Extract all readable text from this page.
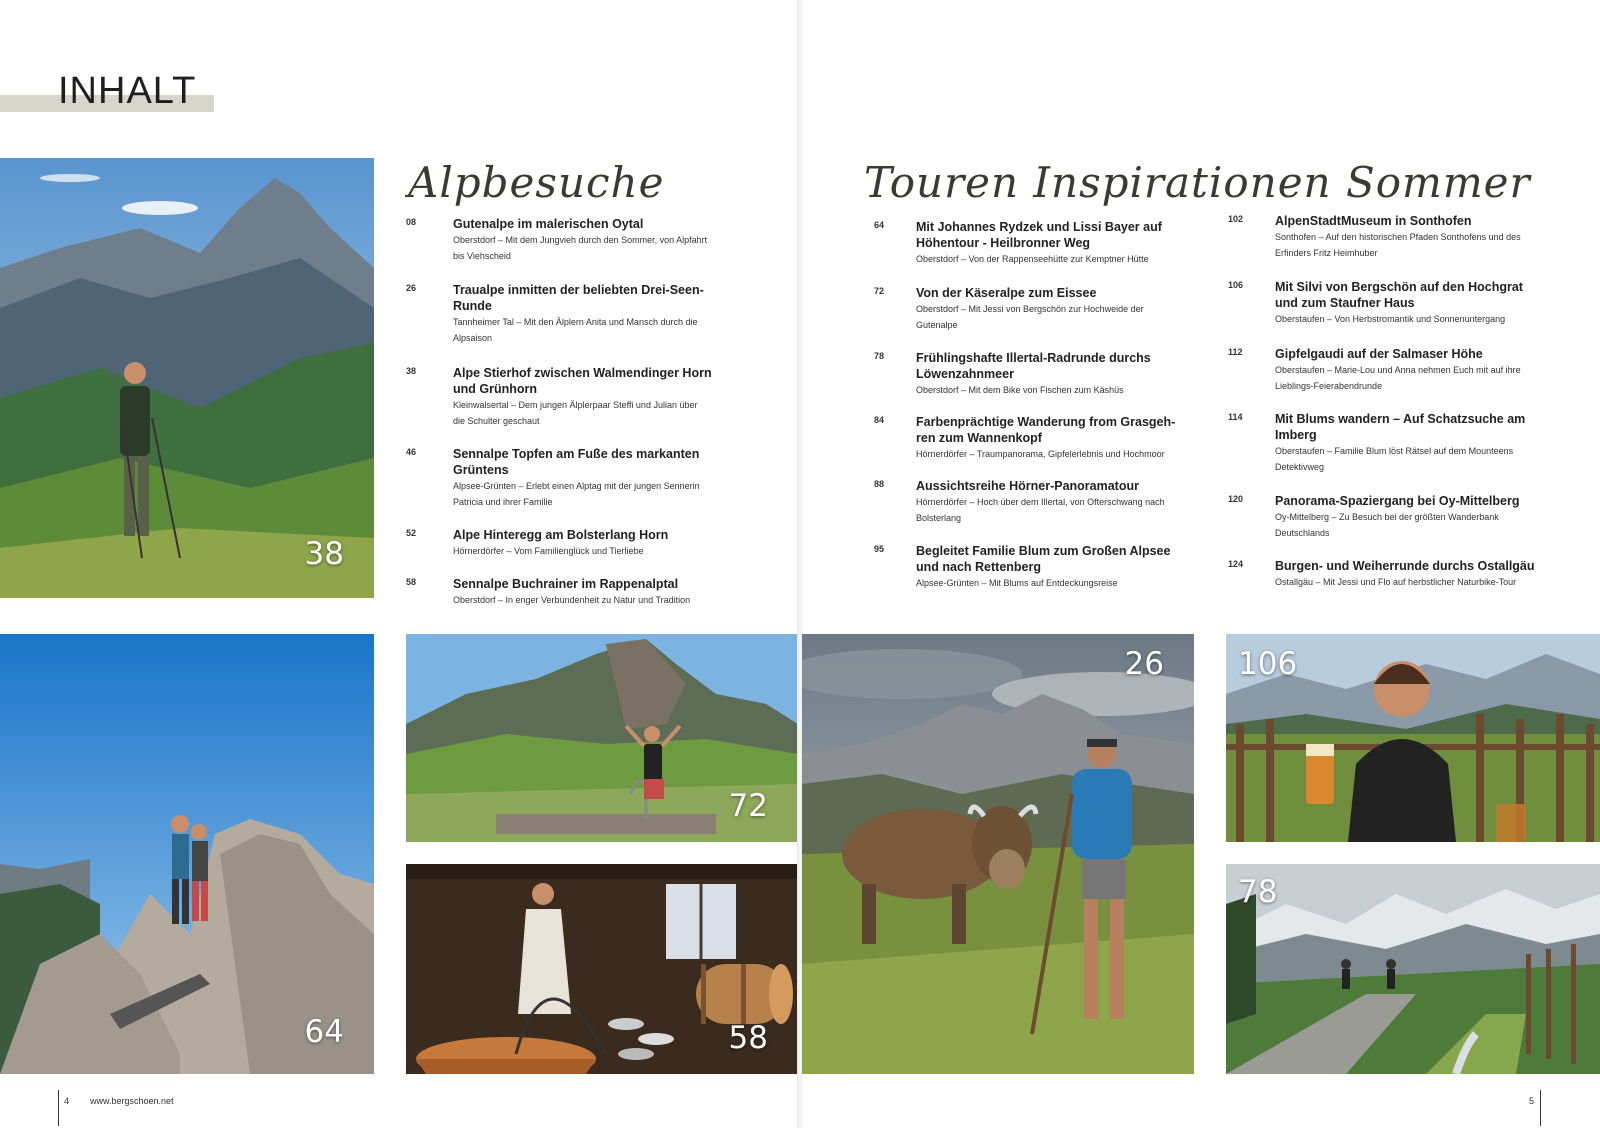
INHALT
38
64
72
58
Alpbesuche
08	Gutenalpe im malerischen Oytal
Oberstdorf – Mit dem Jungvieh durch den Sommer, von Alpfahrt
bis Viehscheid
26	Traualpe inmitten der beliebten Drei-Seen-
Runde
Tannheimer Tal – Mit den Älplern Anita und Mansch durch die
Alpsaison
38	Alpe Stierhof zwischen Walmendinger Horn
und Grünhorn
Kleinwalsertal – Dem jungen Älplerpaar Steffi und Julian über
die Schulter geschaut
46	Sennalpe Topfen am Fuße des markanten
Grüntens
Alpsee-Grünten – Erlebt einen Alptag mit der jungen Sennerin
Patricia und ihrer Familie
52	Alpe Hinteregg am Bolsterlang Horn
Hörnerdörfer – Vom Familienglück und Tierliebe
58	Sennalpe Buchrainer im Rappenalptal
Oberstdorf – In enger Verbundenheit zu Natur und Tradition
4 www.bergschoen.net
Touren Inspirationen Sommer
64	Mit Johannes Rydzek und Lissi Bayer auf
Höhentour - Heilbronner Weg
Oberstdorf – Von der Rappenseehütte zur Kemptner Hütte
72	Von der Käseralpe zum Eissee
Oberstdorf – Mit Jessi von Bergschön zur Hochweide der
Gutenalpe
78	Frühlingshafte Illertal-Radrunde durchs
Löwenzahnmeer
Oberstdorf – Mit dem Bike von Fischen zum Käshüs
84	Farbenprächtige Wanderung from Grasgeh-
ren zum Wannenkopf
Hörnerdörfer – Traumpanorama, Gipfelerlebnis und Hochmoor
88	Aussichtsreihe Hörner-Panoramatour
Hörnerdörfer – Hoch über dem Illertal, von Ofterschwang nach
Bolsterlang
95	Begleitet Familie Blum zum Großen Alpsee
und nach Rettenberg
Alpsee-Grünten – Mit Blums auf Entdeckungsreise
102	AlpenStadtMuseum in Sonthofen
Sonthofen – Auf den historischen Pfaden Sonthofens und des
Erfinders Fritz Heimhuber
106	Mit Silvi von Bergschön auf den Hochgrat
und zum Staufner Haus
Oberstaufen – Von Herbstromantik und Sonnenuntergang
112	Gipfelgaudi auf der Salmaser Höhe
Oberstaufen – Marie-Lou und Anna nehmen Euch mit auf ihre
Lieblings-Feierabendrunde
114	Mit Blums wandern – Auf Schatzsuche am
Imberg
Oberstaufen – Familie Blum löst Rätsel auf dem Mounteens
Detektivweg
120	Panorama-Spaziergang bei Oy-Mittelberg
Oy-Mittelberg – Zu Besuch bei der größten Wanderbank
Deutschlands
124	Burgen- und Weiherrunde durchs Ostallgäu
Ostallgäu – Mit Jessi und Flo auf herbstlicher Naturbike-Tour
26 106
78
5
